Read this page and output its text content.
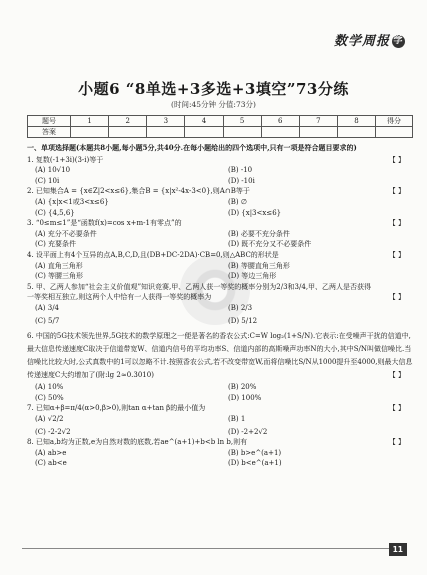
数学周报 学
小题6 “8单选+3多选+3填空”73分练
(时间:45分钟 分值:73分)
题号	1	2	3	4	5	6	7	8	得分
答案									
一、单项选择题(本题共8小题,每小题5分,共40分.在每小题给出的四个选项中,只有一项是符合题目要求的)
1. 复数(-1+3i)(3-i)等于	【 】
(A) 10√10	(B) -10
(C) 10i	(D) -10i
2. 已知集合A = {x∈Z|2<x≤6},集合B = {x|x²-4x-3<0},则A∩B等于	【 】
(A) {x|x<1或3<x≤6}	(B) ∅
(C) {4,5,6}	(D) {x|3<x≤6}
3. “0≤m≤1”是“函数f(x)=cos x+m-1有零点”的	【 】
(A) 充分不必要条件	(B) 必要不充分条件
(C) 充要条件	(D) 既不充分又不必要条件
4. 设平面上有4个互异的点A,B,C,D,且(DB+DC-2DA)·CB=0,则△ABC的形状是	【 】
(A) 直角三角形	(B) 等腰直角三角形
(C) 等腰三角形	(D) 等边三角形
5. 甲、乙两人参加“社会主义价值观”知识竞赛,甲、乙两人获一等奖的概率分别为2/3和3/4,甲、乙两人是否获得
一等奖相互独立,则这两个人中恰有一人获得一等奖的概率为	【 】
(A) 3/4	(B) 2/3
(C) 5/7	(D) 5/12
6. 中国的5G技术领先世界,5G技术的数学原理之一便是著名的香农公式:C=W log₂(1+S/N).它表示:在受噪声干扰的信道中,最大信息传递速度C取决于信道带宽W、信道内信号的平均功率S、信道内部的高斯噪声功率N的大小,其中S/N叫做信噪比.当信噪比比较大时,公式真数中的1可以忽略不计.按照香农公式,若不改变带宽W,而将信噪比S/N从1000提升至4000,则最大信息传递速度C大约增加了(附:lg 2≈0.3010)	【 】
(A) 10%	(B) 20%
(C) 50%	(D) 100%
7. 已知α+β=π/4(α>0,β>0),则tan α+tan β的最小值为	【 】
(A) √2/2	(B) 1
(C) -2-2√2	(D) -2+2√2
8. 已知a,b均为正数,e为自然对数的底数,若ae^(a+1)+b<b ln b,则有	【 】
(A) ab>e	(B) b>e^(a+1)
(C) ab<e	(D) b<e^(a+1)
11
